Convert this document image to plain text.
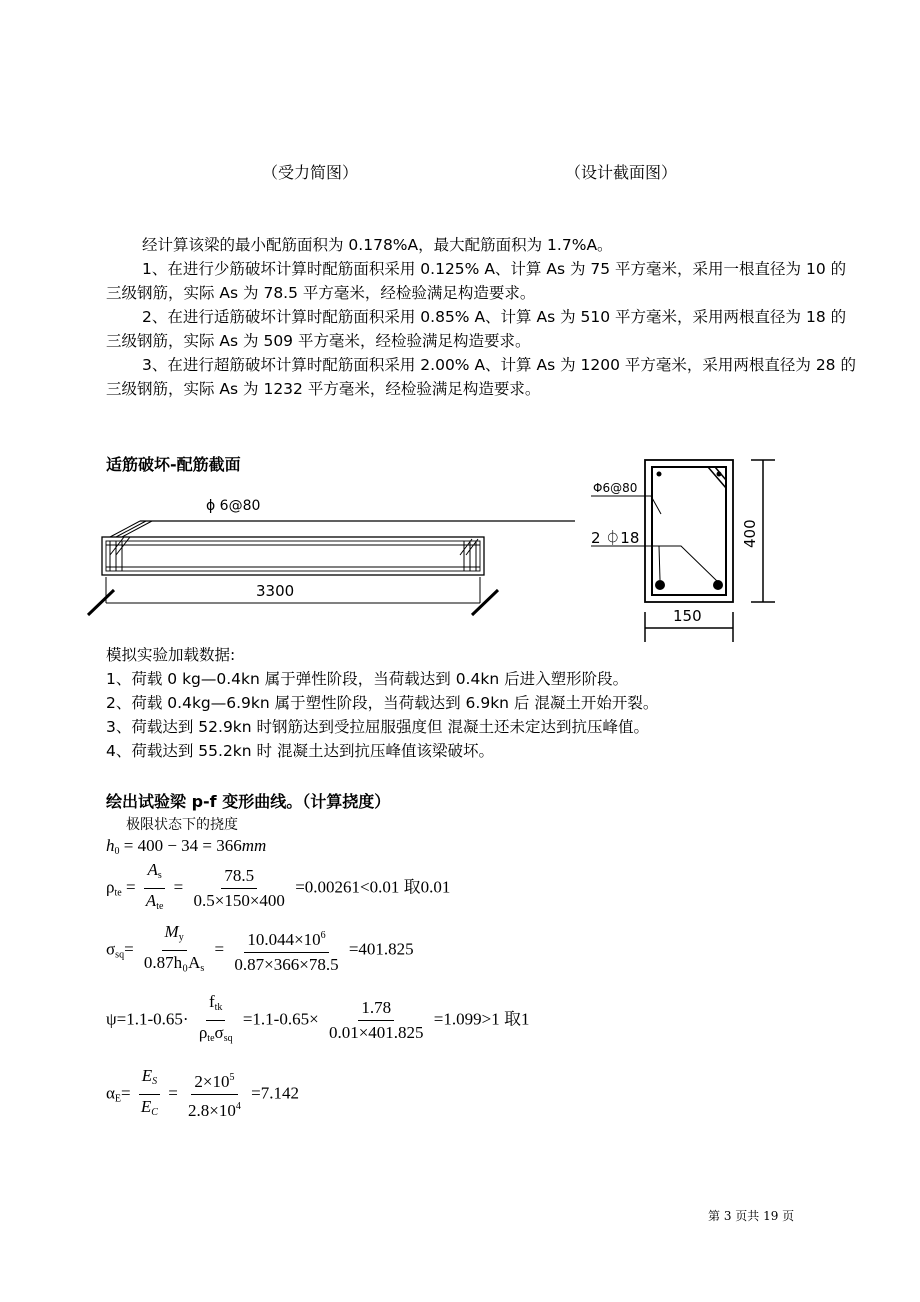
（受力简图）	（设计截面图）

经计算该梁的最小配筋面积为 0.178%A，最大配筋面积为 1.7%A。

1、在进行少筋破坏计算时配筋面积采用 0.125% A、计算 As 为 75 平方毫米，采用一根直径为 10 的三级钢筋，实际 As 为 78.5 平方毫米，经检验满足构造要求。

2、在进行适筋破坏计算时配筋面积采用 0.85% A、计算 As 为 510 平方毫米，采用两根直径为 18 的三级钢筋，实际 As 为 509 平方毫米，经检验满足构造要求。

3、在进行超筋破坏计算时配筋面积采用 2.00% A、计算 As 为 1200 平方毫米，采用两根直径为 28 的三级钢筋，实际 As 为 1232 平方毫米，经检验满足构造要求。

适筋破坏-配筋截面
ϕ 6@80
3300
Φ6@80
2 ⏀18	400
150
模拟实验加载数据:
1、荷载 0 kg—0.4kn 属于弹性阶段，当荷载达到 0.4kn 后进入塑形阶段。
2、荷载 0.4kg—6.9kn 属于塑性阶段，当荷载达到 6.9kn 后 混凝土开始开裂。
3、荷载达到 52.9kn 时钢筋达到受拉屈服强度但 混凝土还未定达到抗压峰值。
4、荷载达到 55.2kn 时 混凝土达到抗压峰值该梁破坏。
绘出试验梁 p-f 变形曲线。（计算挠度）
极限状态下的挠度
$h_0 = 400 - 34 = 366mm$
$\rho_{te} = \frac{A_s}{A_{te}} = \frac{78.5}{0.5\times 150\times 400} =0.00261<0.01$ 取0.01
$\sigma_{sq}= \frac{M_y}{0.87h_0A_s} = \frac{10.044\times 10^6}{0.87\times 366\times 78.5} =401.825$
$\psi=1.1-0.65\cdot \frac{f_{tk}}{\rho_{te}\sigma_{sq}} =1.1-0.65\times \frac{1.78}{0.01\times 401.825} =1.099>1$ 取1
$\alpha_E= \frac{E_S}{E_C} = \frac{2\times 10^5}{2.8\times 10^4} =7.142$
第 3 页共 19 页
